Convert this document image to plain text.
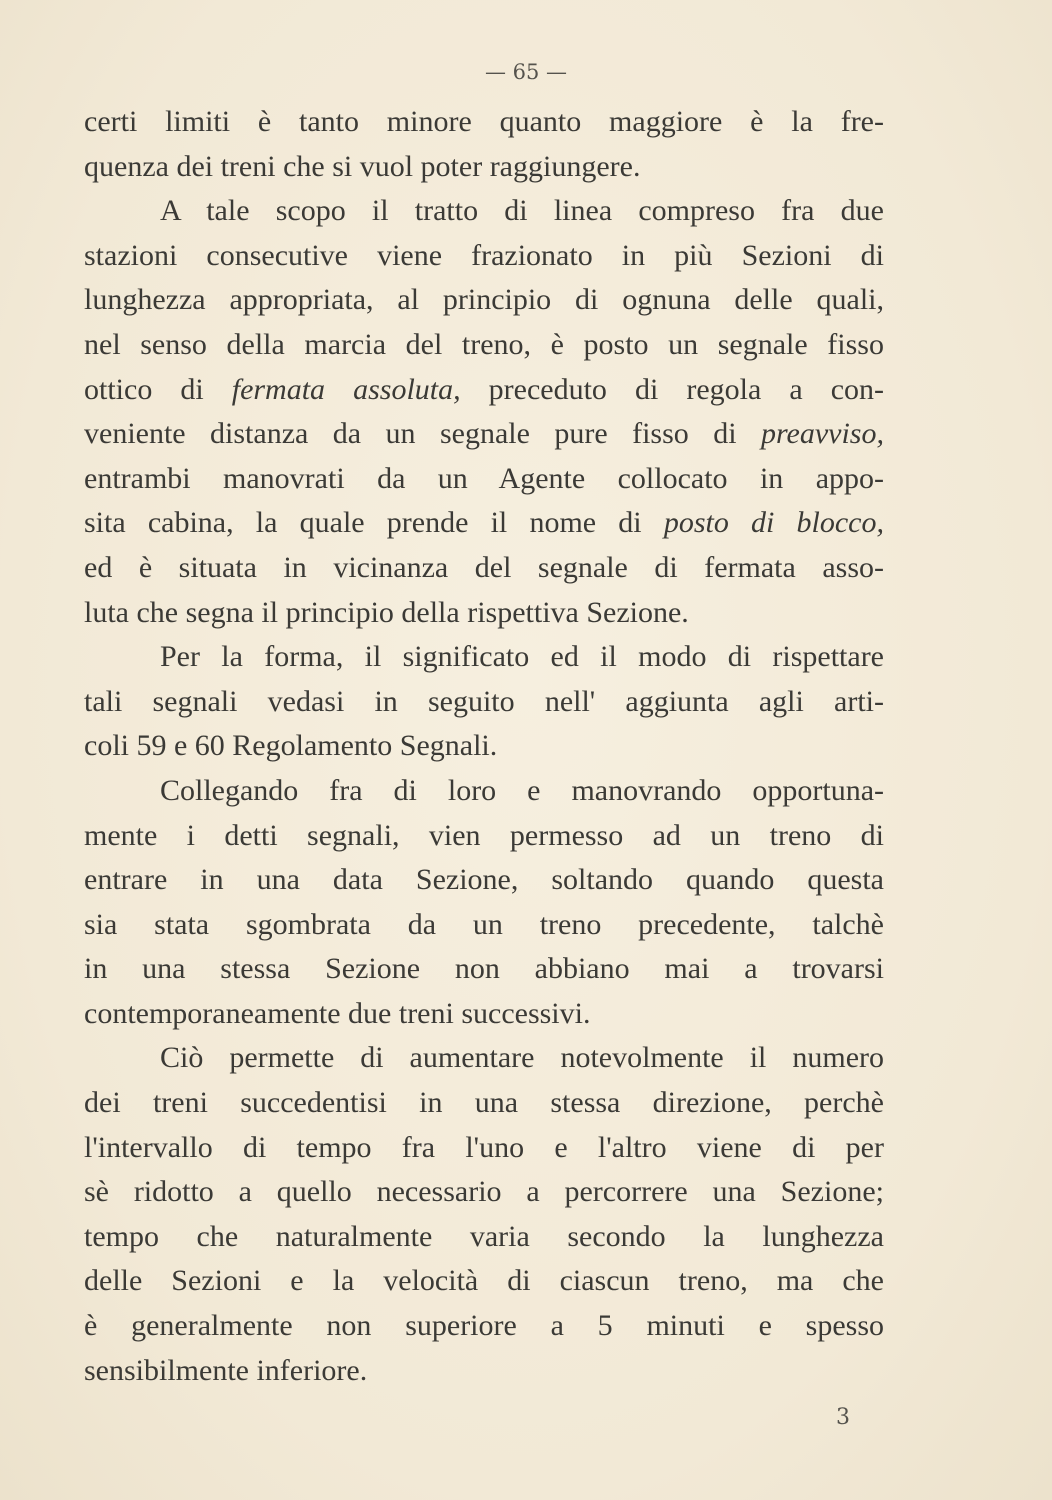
— 65 —

certi limiti è tanto minore quanto maggiore è la fre-
quenza dei treni che si vuol poter raggiungere.

A tale scopo il tratto di linea compreso fra due
stazioni consecutive viene frazionato in più Sezioni di
lunghezza appropriata, al principio di ognuna delle quali,
nel senso della marcia del treno, è posto un segnale fisso
ottico di fermata assoluta, preceduto di regola a con-
veniente distanza da un segnale pure fisso di preavviso,
entrambi manovrati da un Agente collocato in appo-
sita cabina, la quale prende il nome di posto di blocco,
ed è situata in vicinanza del segnale di fermata asso-
luta che segna il principio della rispettiva Sezione.

Per la forma, il significato ed il modo di rispettare
tali segnali vedasi in seguito nell' aggiunta agli arti-
coli 59 e 60 Regolamento Segnali.

Collegando fra di loro e manovrando opportuna-
mente i detti segnali, vien permesso ad un treno di
entrare in una data Sezione, soltando quando questa
sia stata sgombrata da un treno precedente, talchè
in una stessa Sezione non abbiano mai a trovarsi
contemporaneamente due treni successivi.

Ciò permette di aumentare notevolmente il numero
dei treni succedentisi in una stessa direzione, perchè
l'intervallo di tempo fra l'uno e l'altro viene di per
sè ridotto a quello necessario a percorrere una Sezione;
tempo che naturalmente varia secondo la lunghezza
delle Sezioni e la velocità di ciascun treno, ma che
è generalmente non superiore a 5 minuti e spesso
sensibilmente inferiore.

3
